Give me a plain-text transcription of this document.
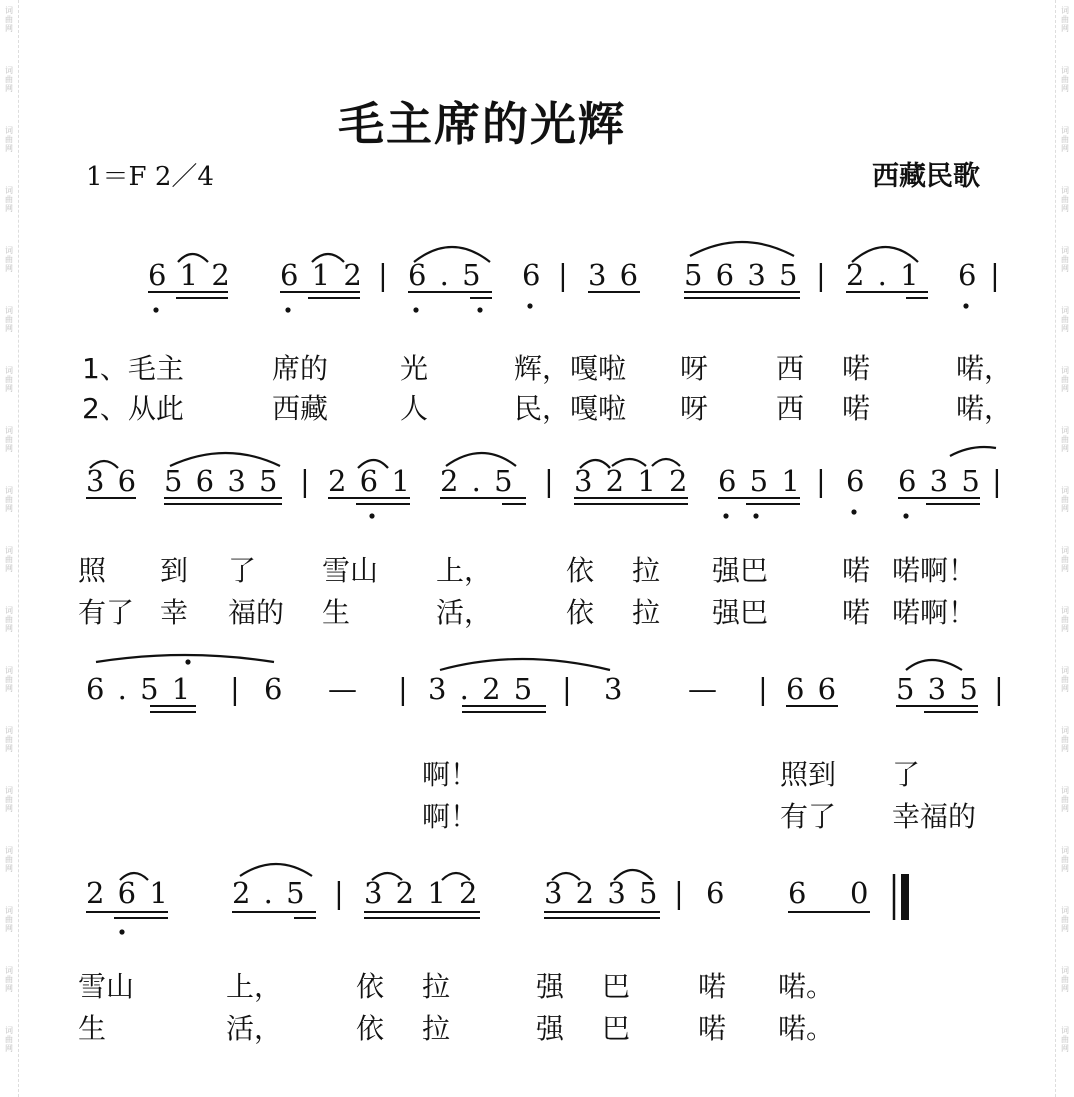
词曲网
词曲网
词曲网
词曲网
词曲网
词曲网
词曲网
词曲网
词曲网
词曲网
词曲网
词曲网
词曲网
词曲网
词曲网
词曲网
词曲网
词曲网
词曲网
词曲网
词曲网
词曲网
词曲网
词曲网
词曲网
词曲网
词曲网
词曲网
词曲网
词曲网
词曲网
词曲网
词曲网
词曲网
词曲网
词曲网
毛主席的光辉
1＝F 2／4	西藏民歌
6 1 2 6 1 2 | 6 . 5 6 | 3 6 5 6 3 5 | 2 . 1 6 |
1、毛主	席的	光	辉，嘎啦 呀 西 喏	喏，
2、从此	西藏	人	民，嘎啦 呀 西 喏	喏，
3 6 5 6 3 5 | 2 6 1 2 . 5 | 3 2 1 2 6 5 1 | 6 6 3 5 |
照 到 了 雪山 上，	依 拉 强巴	喏 喏啊！
有了 幸 福的 生	活，	依 拉 强巴	喏 喏啊！
6 . 5 1 | 6 — | 3 . 2 5 | 3 — | 6 6 5 3 5 |
啊！	照到 了
啊！	有了 幸福的
2 6 1 2 . 5 | 3 2 1 2 3 2 3 5 | 6 6 0
雪山	上，	依 拉	强 巴 喏 喏。
生	活，	依 拉	强 巴 喏 喏。
